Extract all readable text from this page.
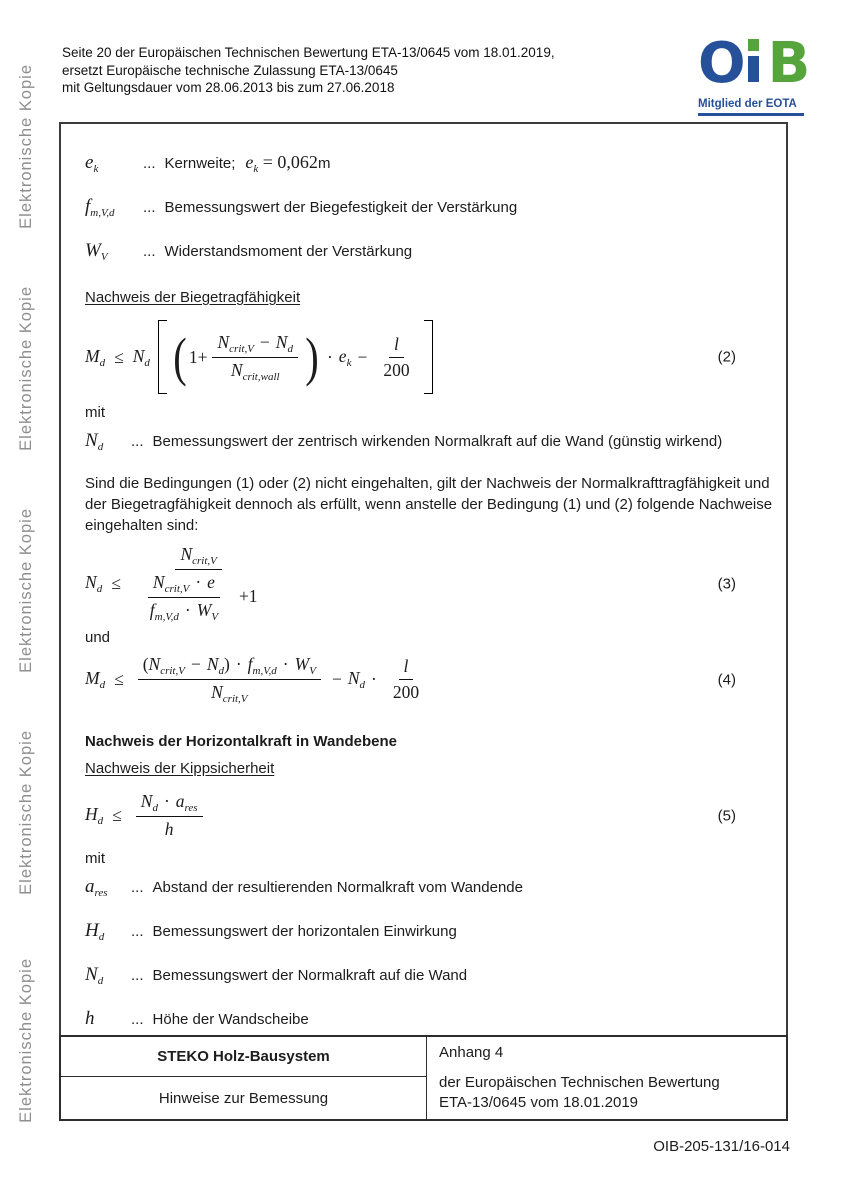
Elektronische Kopie
Elektronische Kopie
Elektronische Kopie
Elektronische Kopie
Elektronische Kopie
Seite 20 der Europäischen Technischen Bewertung ETA-13/0645 vom 18.01.2019,
ersetzt Europäische technische Zulassung ETA-13/0645
mit Geltungsdauer vom 28.06.2013 bis zum 27.06.2018	O B
Mitglied der EOTA
$e_k$	... Kernweite; $e_k = 0,062m$
$f_{m,V,d}$	... Bemessungswert der Biegefestigkeit der Verstärkung
$W_V$	... Widerstandsmoment der Verstärkung
Nachweis der Biegetragfähigkeit
$M_d \le N_d$ ( $1+ \frac{N_{crit,V} - N_d}{N_{crit,wall}}$ ) · $e_k - \frac{l}{200}$	(2)
mit
$N_d$	... Bemessungswert der zentrisch wirkenden Normalkraft auf die Wand (günstig wirkend)
Sind die Bedingungen (1) oder (2) nicht eingehalten, gilt der Nachweis der Normalkrafttragfähigkeit und der Biegetragfähigkeit dennoch als erfüllt, wenn anstelle der Bedingung (1) und (2) folgende Nachweise eingehalten sind:
$N_d \le \frac{N_{crit,V}}{\frac{N_{crit,V} \cdot e}{f_{m,V,d} \cdot W_V} +1}$	(3)
und
$M_d \le \frac{(N_{crit,V} - N_d) \cdot f_{m,V,d} \cdot W_V}{N_{crit,V}} - N_d \cdot \frac{l}{200}$	(4)
Nachweis der Horizontalkraft in Wandebene
Nachweis der Kippsicherheit
$H_d \le \frac{N_d \cdot a_{res}}{h}$	(5)
mit
$a_{res}$	... Abstand der resultierenden Normalkraft vom Wandende
$H_d$	... Bemessungswert der horizontalen Einwirkung
$N_d$	... Bemessungswert der Normalkraft auf die Wand
h	... Höhe der Wandscheibe
STEKO Holz-Bausystem
Hinweise zur Bemessung
Anhang 4
der Europäischen Technischen Bewertung
ETA-13/0645 vom 18.01.2019
OIB-205-131/16-014
